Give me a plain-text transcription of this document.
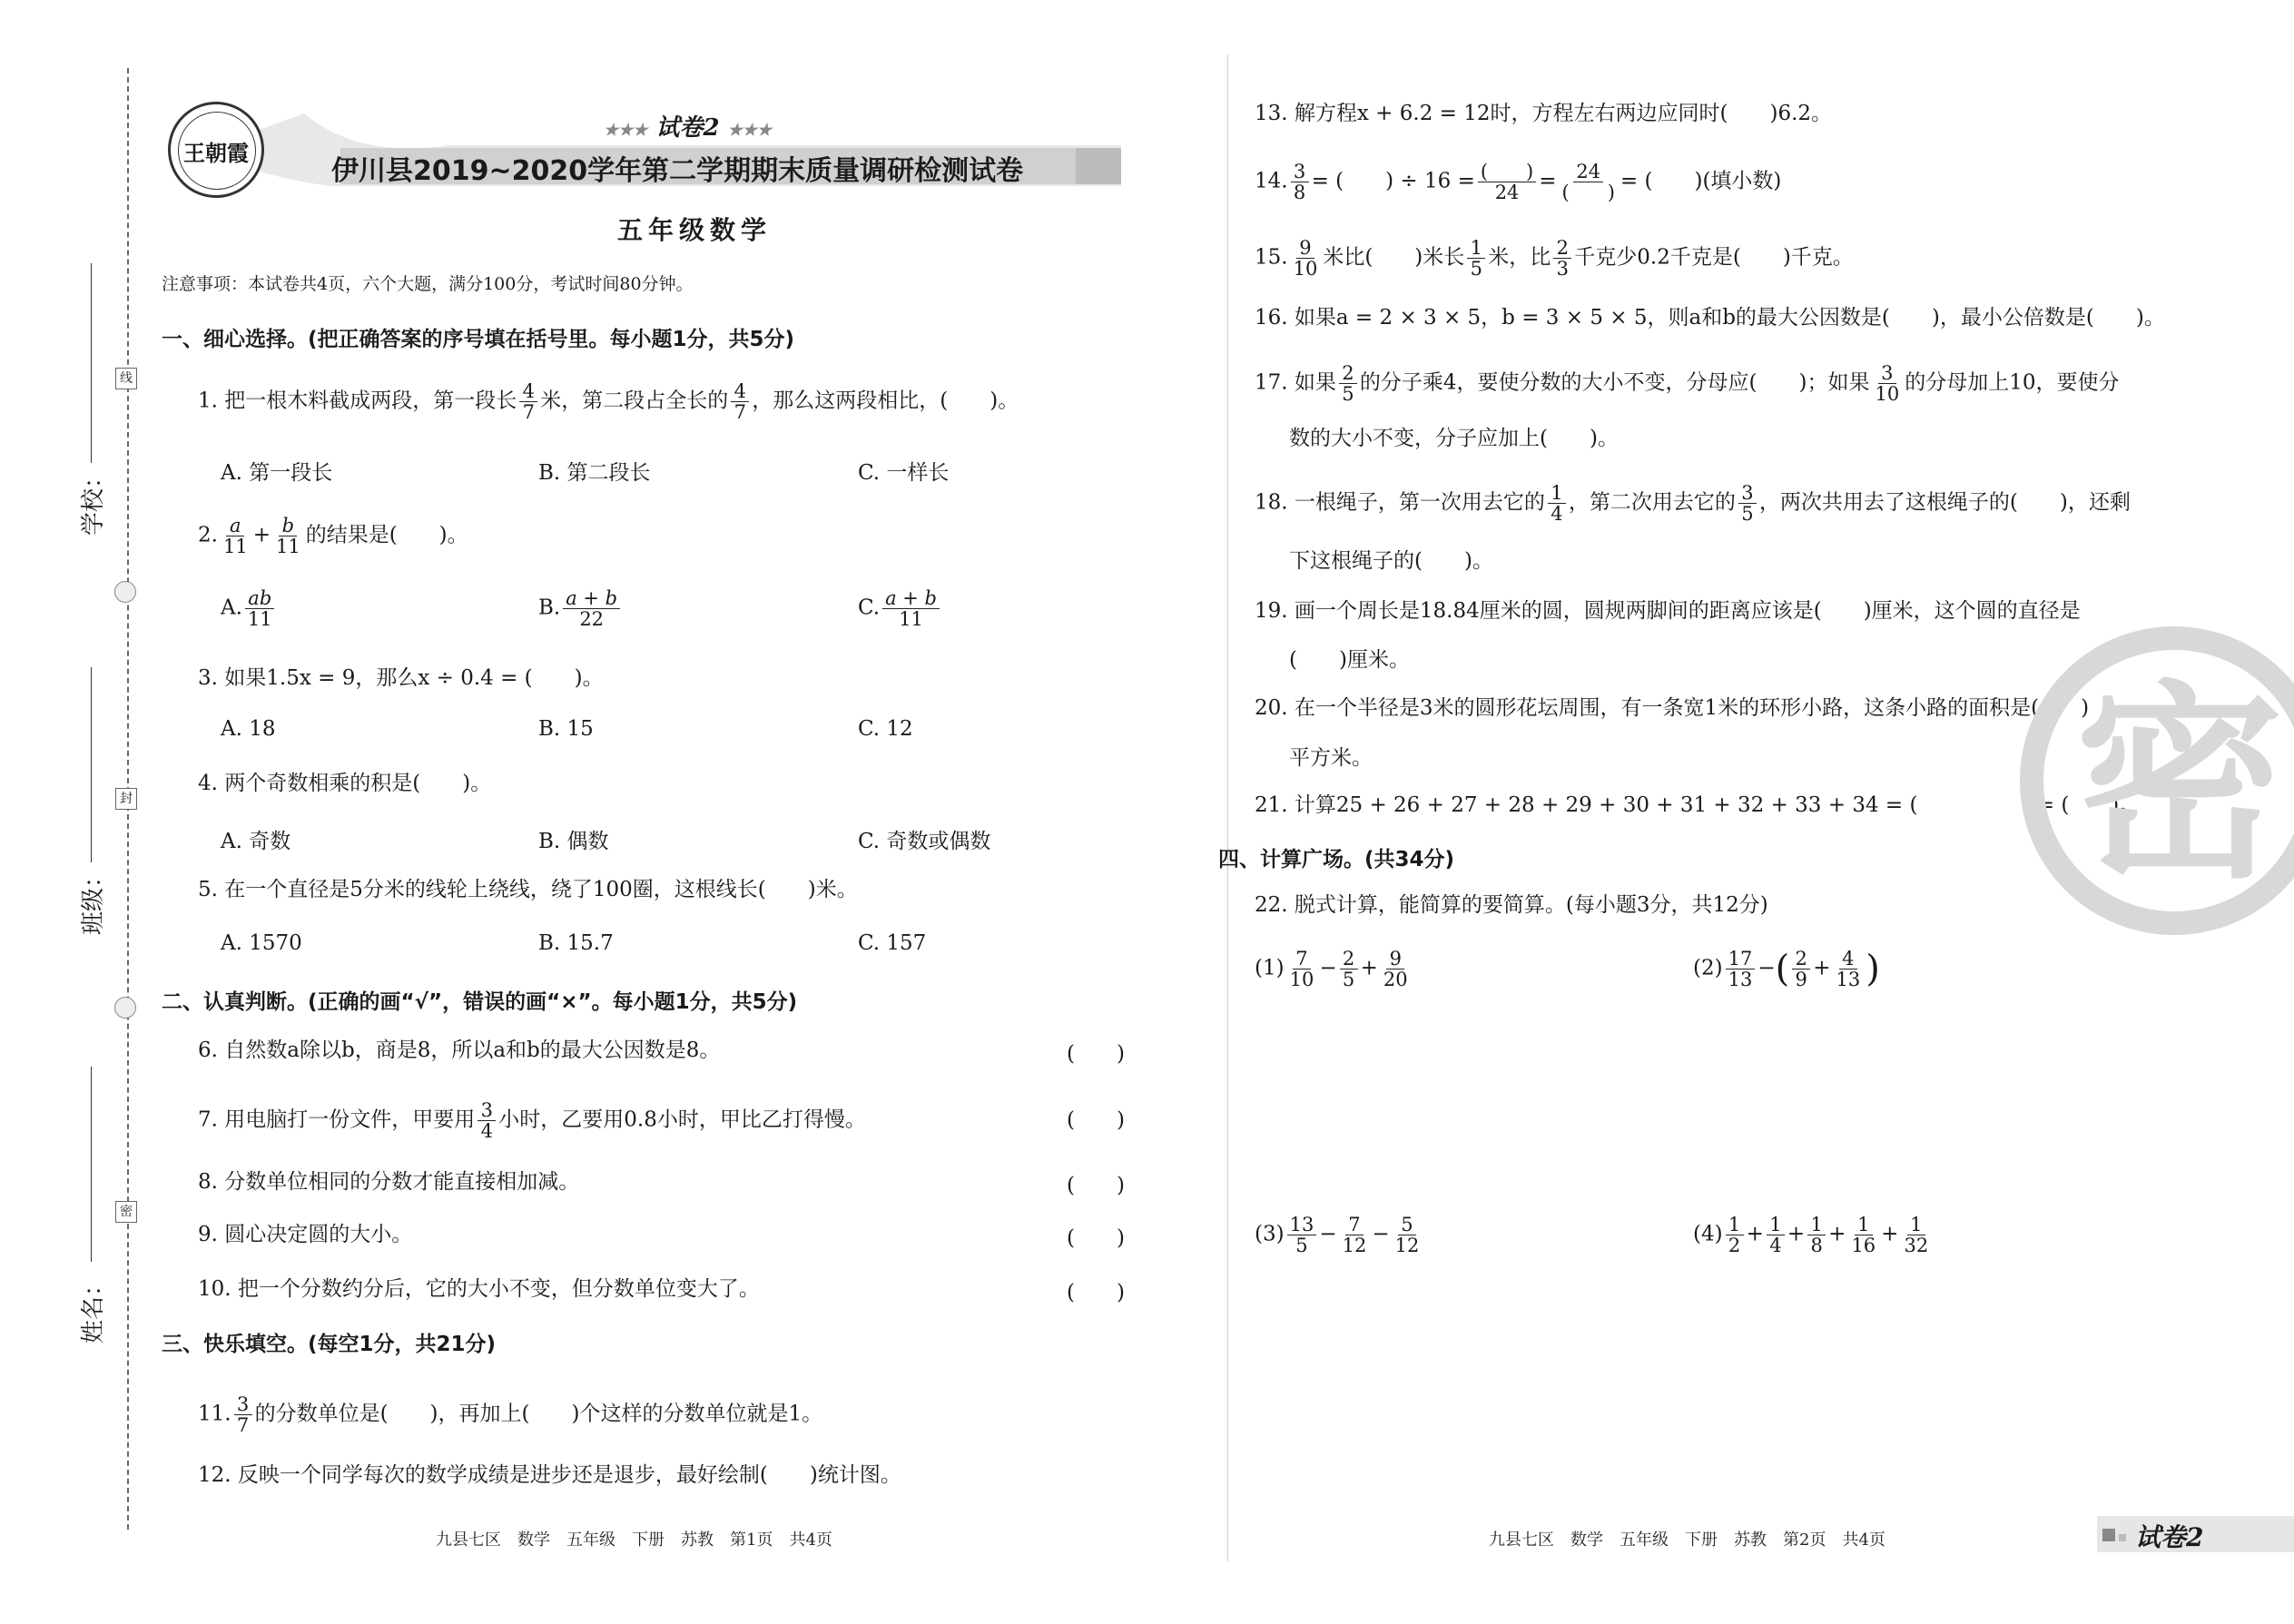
线
封
密
学校：
班级：
姓名：
王朝霞
★★★ 试卷2 ★★★
伊川县2019~2020学年第二学期期末质量调研检测试卷
五年级数学
注意事项：本试卷共4页，六个大题，满分100分，考试时间80分钟。
一、细心选择。(把正确答案的序号填在括号里。每小题1分，共5分)
1. 把一根木料截成两段，第一段长 $\frac{4}{7}$ 米，第二段占全长的 $\frac{4}{7}$ ，那么这两段相比，(　　)。
A. 第一段长	B. 第二段长	C. 一样长
2. $\frac{a}{11} + \frac{b}{11}$ 的结果是(　　)。
A. $\frac{ab}{11}$	B. $\frac{a + b}{22}$	C. $\frac{a + b}{11}$
3. 如果1.5x = 9，那么x ÷ 0.4 = (　　)。
A. 18	B. 15	C. 12
4. 两个奇数相乘的积是(　　)。
A. 奇数	B. 偶数	C. 奇数或偶数
5. 在一个直径是5分米的线轮上绕线，绕了100圈，这根线长(　　)米。
A. 1570	B. 15.7	C. 157
二、认真判断。(正确的画“√”，错误的画“×”。每小题1分，共5分)
6. 自然数a除以b，商是8，所以a和b的最大公因数是8。	(　　)
7. 用电脑打一份文件，甲要用 $\frac{3}{4}$ 小时，乙要用0.8小时，甲比乙打得慢。	(　　)
8. 分数单位相同的分数才能直接相加减。	(　　)
9. 圆心决定圆的大小。	(　　)
10. 把一个分数约分后，它的大小不变，但分数单位变大了。	(　　)
三、快乐填空。(每空1分，共21分)
11. $\frac{3}{7}$ 的分数单位是(　　)，再加上(　　)个这样的分数单位就是1。
12. 反映一个同学每次的数学成绩是进步还是退步，最好绘制(　　)统计图。
13. 解方程x + 6.2 = 12时，方程左右两边应同时(　　)6.2。
14. $\frac{3}{8}$ = (　　) ÷ $16 = \frac{( )}{24} = \frac{24}{( )}$ = (　　)(填小数)
15. $\frac{9}{10}$ 米比(　　)米长 $\frac{1}{5}$ 米，比 $\frac{2}{3}$ 千克少0.2千克是(　　)千克。
16. 如果a = 2 × 3 × 5，b = 3 × 5 × 5，则a和b的最大公因数是(　　)，最小公倍数是(　　)。
17. 如果 $\frac{2}{5}$ 的分子乘4，要使分数的大小不变，分母应(　　)；如果 $\frac{3}{10}$ 的分母加上10，要使分
数的大小不变，分子应加上(　　)。
18. 一根绳子，第一次用去它的 $\frac{1}{4}$ ，第二次用去它的 $\frac{3}{5}$ ，两次共用去了这根绳子的(　　)，还剩
下这根绳子的(　　)。
19. 画一个周长是18.84厘米的圆，圆规两脚间的距离应该是(　　)厘米，这个圆的直径是
(　　)厘米。
20. 在一个半径是3米的圆形花坛周围，有一条宽1米的环形小路，这条小路的面积是(　　)
平方米。
21. 计算25 + 26 + 27 + 28 + 29 + 30 + 31 + 32 + 33 + 34 = (　　　　　) = (　　)。
四、计算广场。(共34分)
22. 脱式计算，能简算的要简算。(每小题3分，共12分)
$(1) \frac{7}{10} - \frac{2}{5} + \frac{9}{20}$	$(2) \frac{17}{13}$ −( $\frac{2}{9} + \frac{4}{13}$ )
$(3) \frac{13}{5} - \frac{7}{12} - \frac{5}{12}$	$(4) \frac{1}{2} + \frac{1}{4} + \frac{1}{8} + \frac{1}{16} + \frac{1}{32}$
密
九县七区　数学　五年级　下册　苏教　第1页　共4页	九县七区　数学　五年级　下册　苏教　第2页　共4页	试卷2
